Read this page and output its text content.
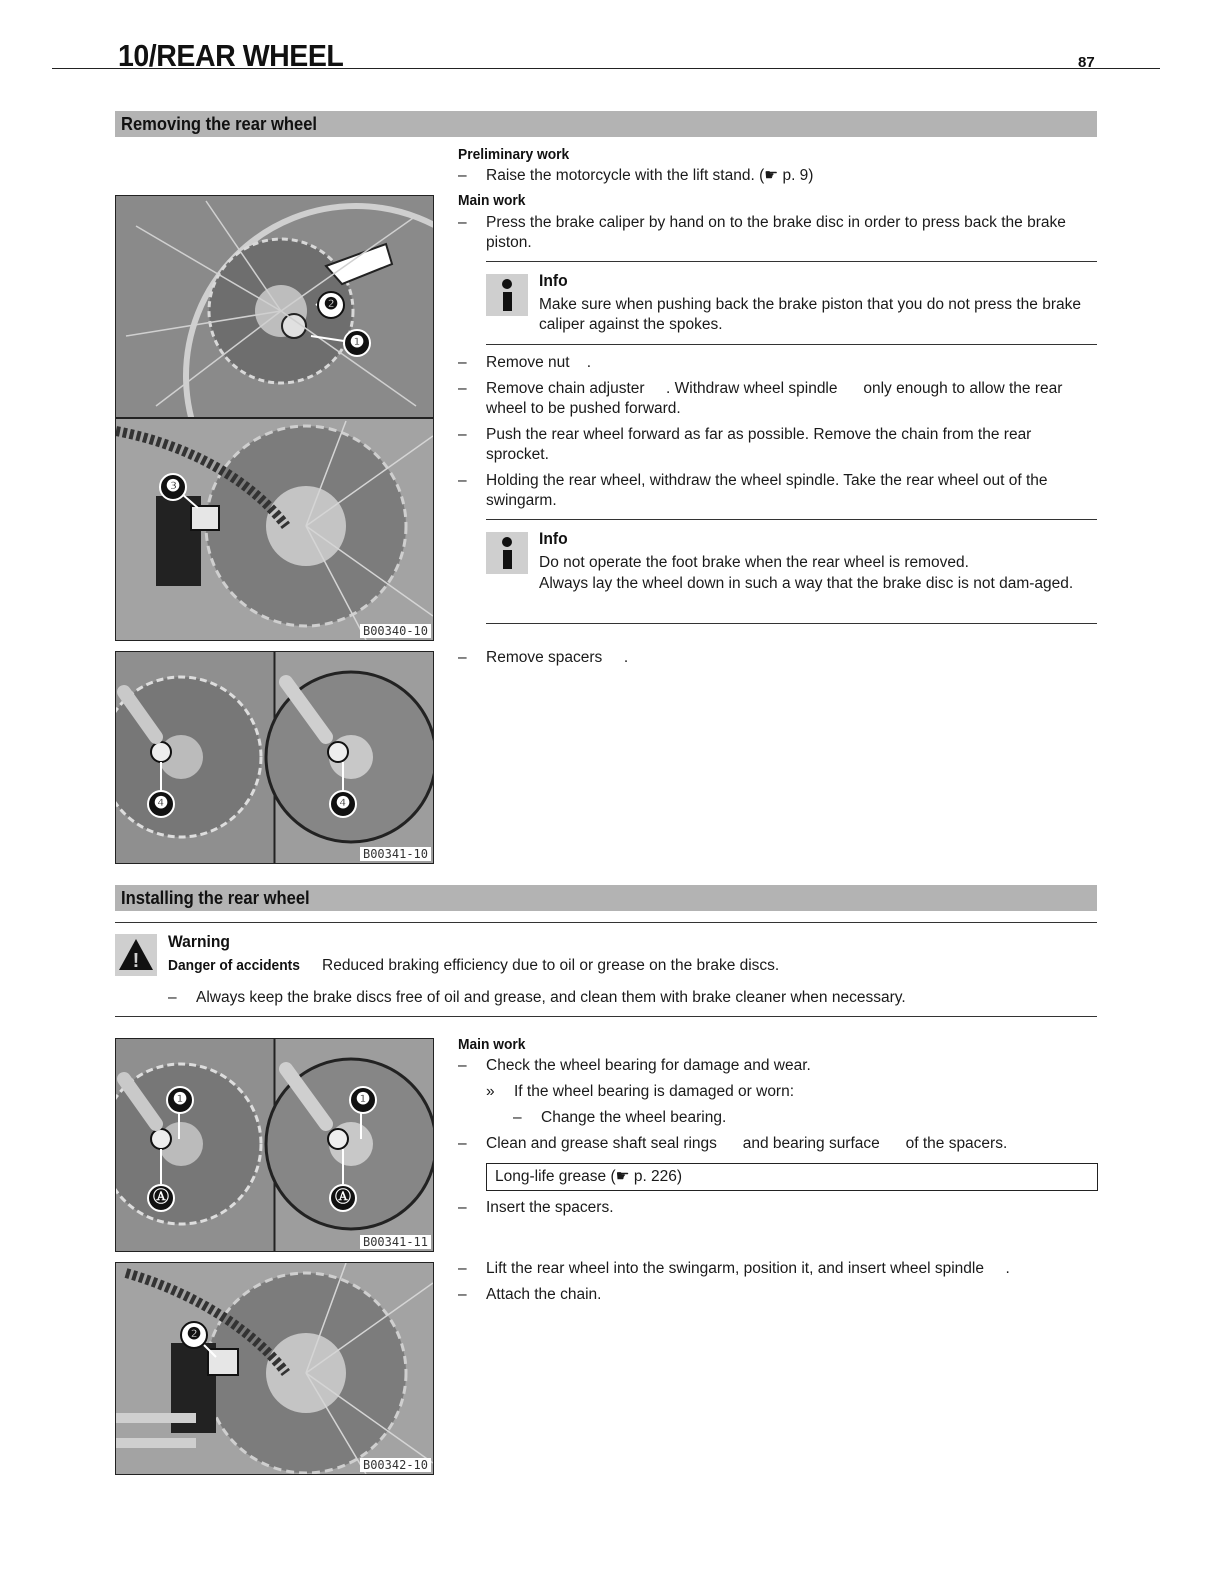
10/REAR WHEEL	87
Removing the rear wheel
Preliminary work
– Raise the motorcycle with the lift stand. (☛ p. 9)
Main work
– Press the brake caliper by hand on to the brake disc in order to press back the brake piston.
Info
Make sure when pushing back the brake piston that you do not press the brake caliper against the spokes.
– Remove nut    .
– Remove chain adjuster     . Withdraw wheel spindle      only enough to allow the rear wheel to be pushed forward.
– Push the rear wheel forward as far as possible. Remove the chain from the rear sprocket.
– Holding the rear wheel, withdraw the wheel spindle. Take the rear wheel out of the swingarm.
Info
Do not operate the foot brake when the rear wheel is removed.
Always lay the wheel down in such a way that the brake disc is not dam-aged.
– Remove spacers     .
❷
❶
❸
B00340-10
❹	❹
B00341-10
Installing the rear wheel
!
Warning
Danger of accidents Reduced braking efficiency due to oil or grease on the brake discs.
– Always keep the brake discs free of oil and grease, and clean them with brake cleaner when necessary.
Main work
– Check the wheel bearing for damage and wear.
» If the wheel bearing is damaged or worn:
– Change the wheel bearing.
– Clean and grease shaft seal rings      and bearing surface      of the spacers.
Long-life grease (☛ p. 226)
– Insert the spacers.
– Lift the rear wheel into the swingarm, position it, and insert wheel spindle     .
– Attach the chain.
❶	❶
Ⓐ	Ⓐ
B00341-11
❷
B00342-10
